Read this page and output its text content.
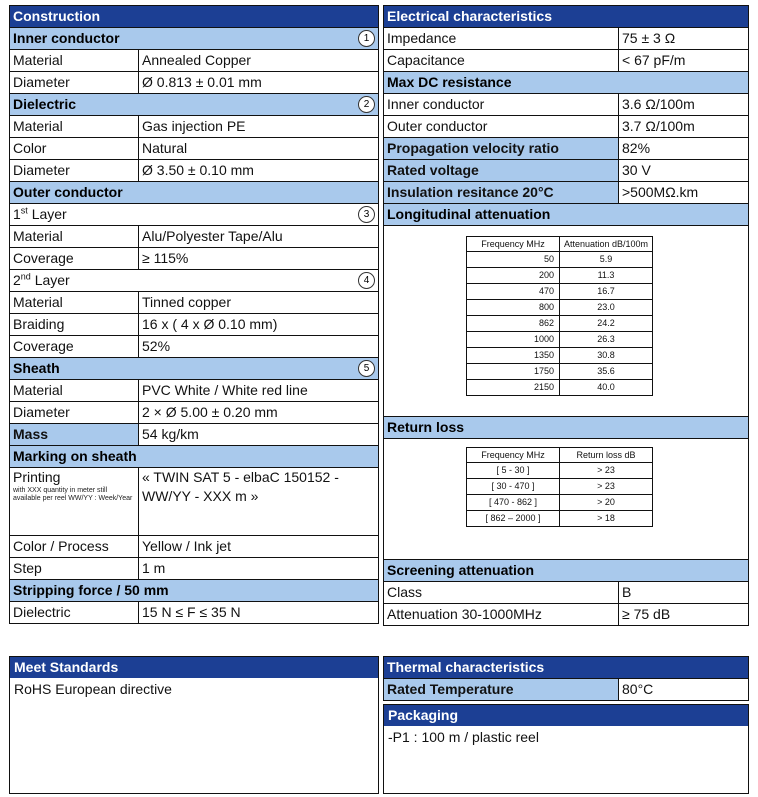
Construction	
Inner conductor 1	

Material	Annealed Copper
Diameter	Ø 0.813 ± 0.01 mm
Dielectric 2	

Material	Gas injection PE
Color	Natural
Diameter	Ø 3.50 ± 0.10 mm
Outer conductor	
1st Layer 3	

Material	Alu/Polyester Tape/Alu
Coverage	≥ 115%
2nd Layer 4	

Material	Tinned copper
Braiding	16 x ( 4 x Ø 0.10 mm)
Coverage	52%
Sheath 5	

Material	PVC White / White red line
Diameter	2 × Ø 5.00 ± 0.20 mm
Mass	54 kg/km
Marking on sheath	
Printing
with XXX quantity in meter still available per reel WW/YY : Week/Year	« TWIN SAT 5 - elbaC 150152 - WW/YY - XXX m »
Color / Process	Yellow / Ink jet
Step	1 m
Stripping force / 50 mm	
Dielectric	15 N ≤ F ≤ 35 N
Electrical characteristics
Impedance	75 ± 3 Ω
Capacitance	< 67 pF/m
Max DC resistance
Inner conductor	3.6 Ω/100m
Outer conductor	3.7 Ω/100m
Propagation velocity ratio	82%
Rated voltage	30 V
Insulation resitance 20°C	>500MΩ.km
Longitudinal attenuation

Frequency MHz	Attenuation dB/100m
50	5.9
200	11.3
470	16.7
800	23.0
862	24.2
1000	26.3
1350	30.8
1750	35.6
2150	40.0

Return loss

Frequency MHz	Return loss dB
[ 5 - 30 ]	> 23
[ 30 - 470 ]	> 23
[ 470 - 862 ]	> 20
[ 862 – 2000 ]	> 18

Screening attenuation
Class	B
Attenuation 30-1000MHz	≥ 75 dB
Meet Standards
RoHS European directive
Thermal characteristics
Rated Temperature	80°C
Packaging
-P1 : 100 m / plastic reel
